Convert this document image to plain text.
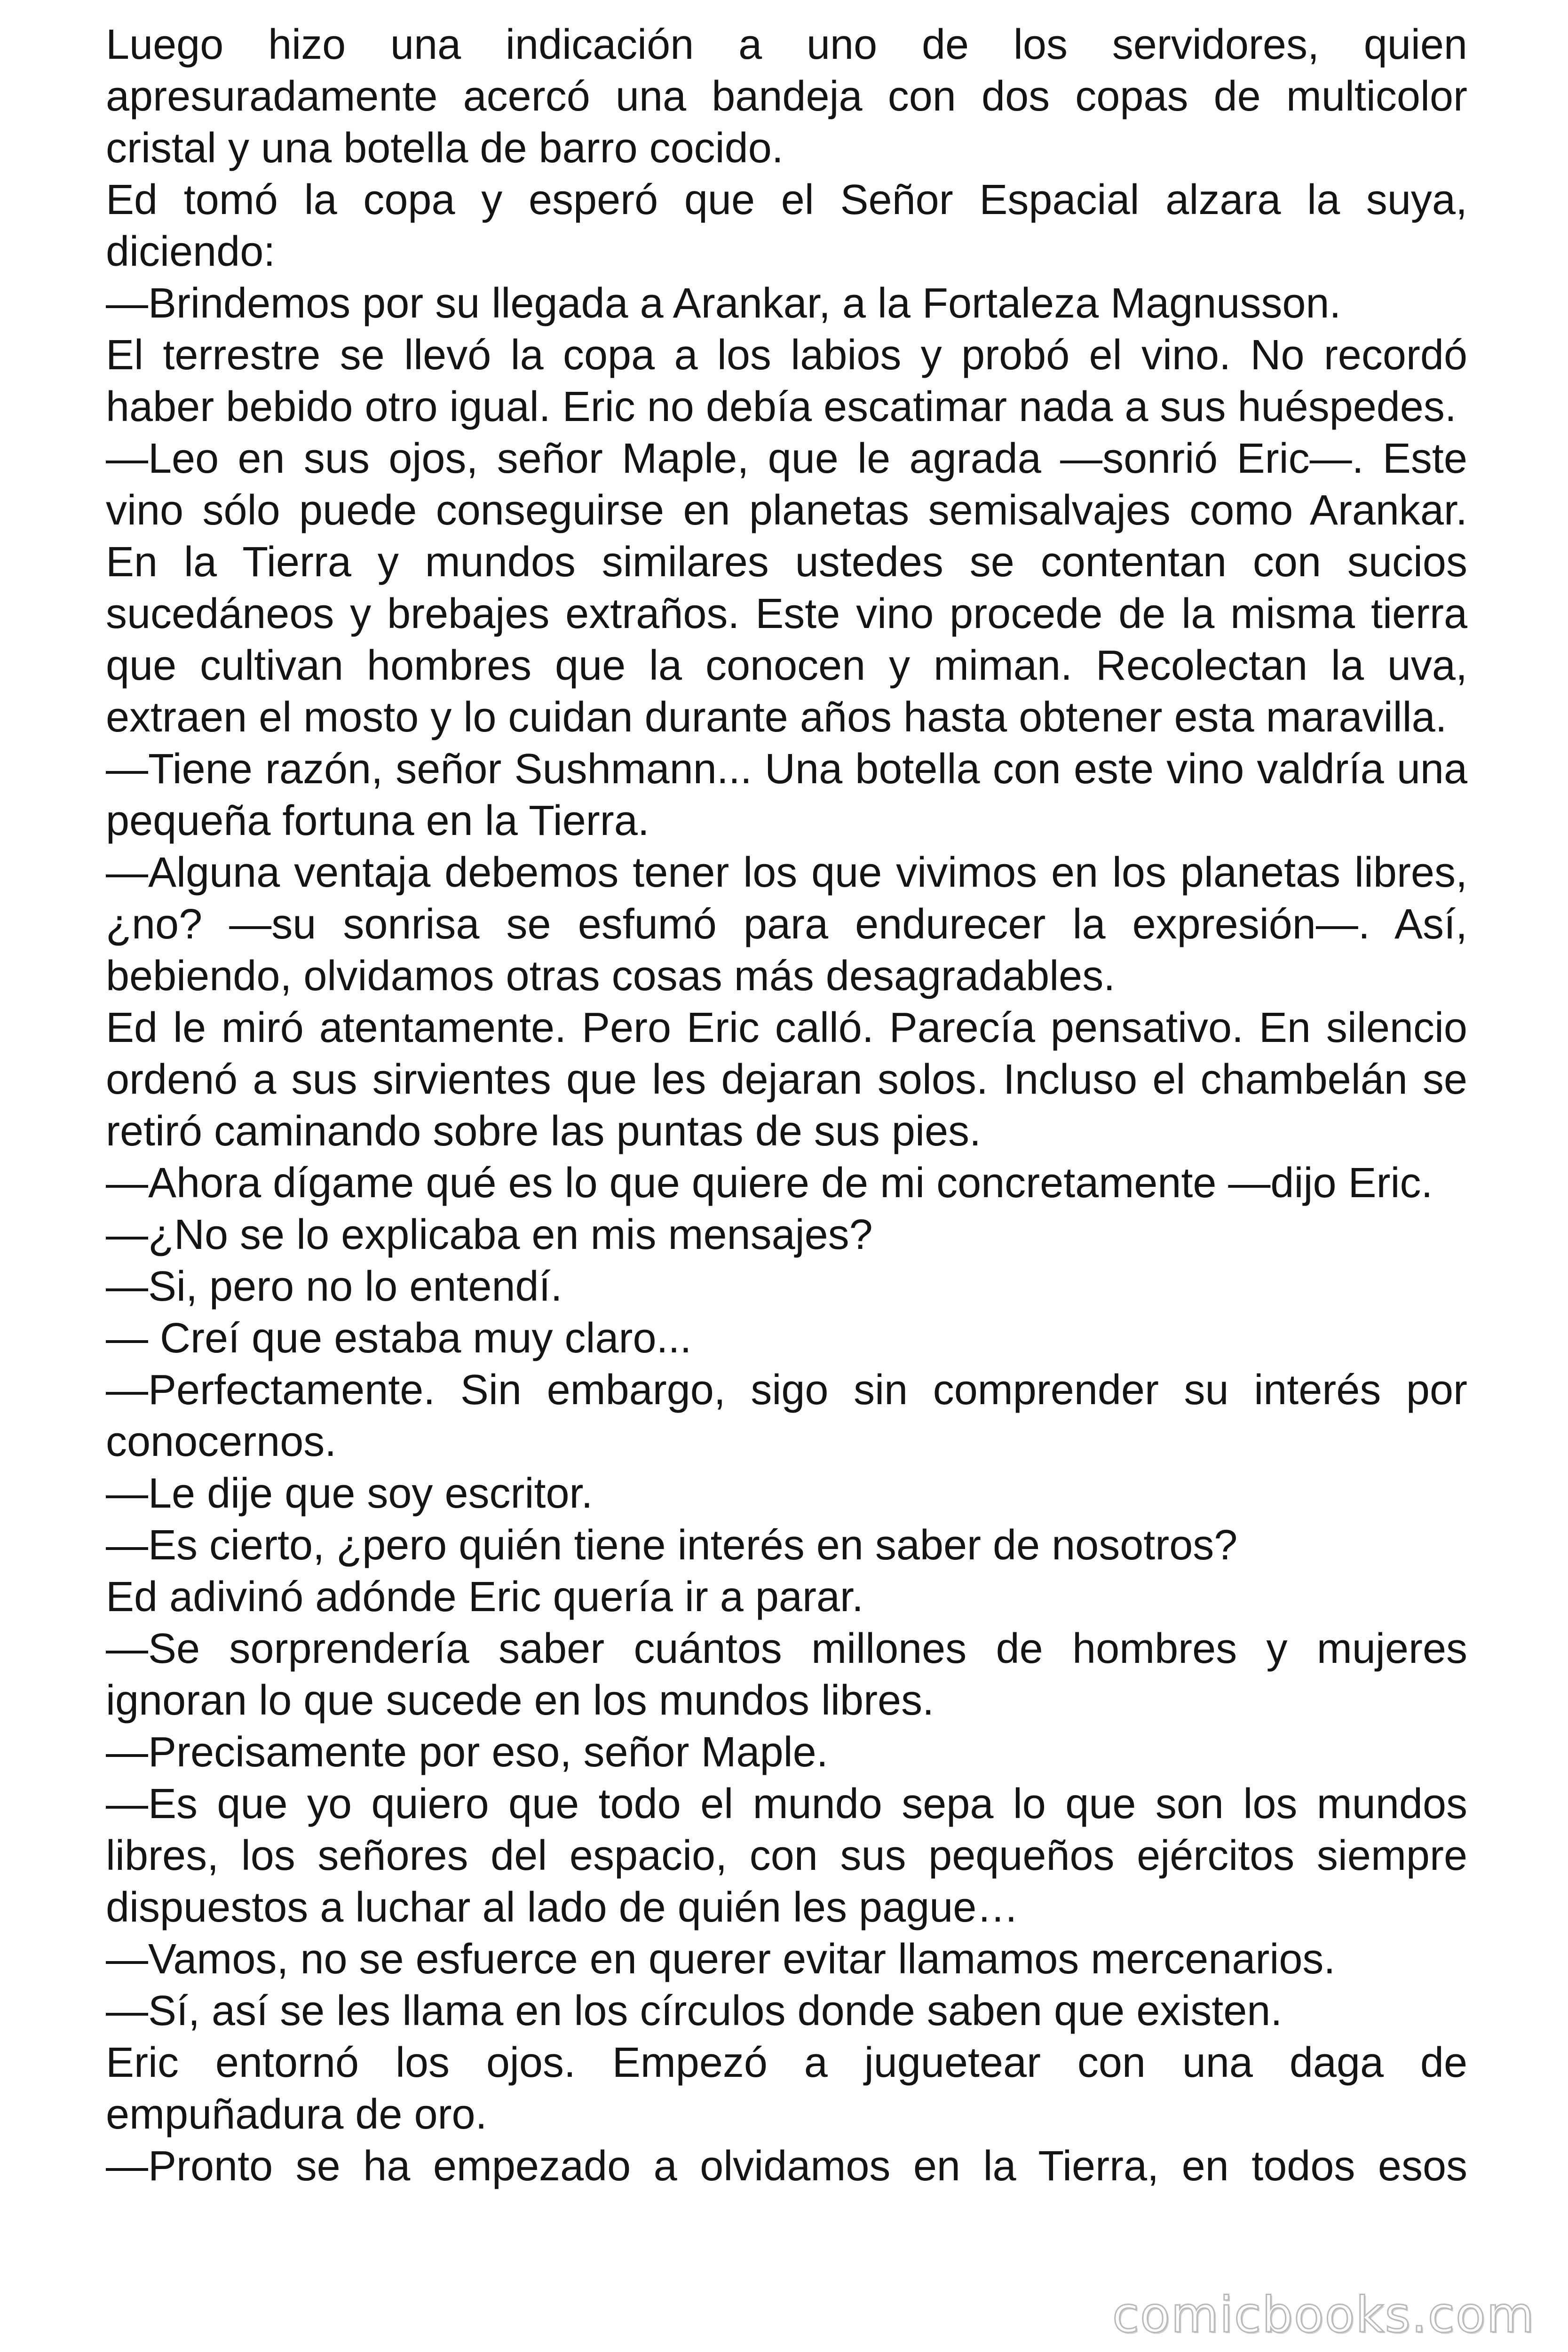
Luego hizo una indicación a uno de los servidores, quien apresuradamente acercó una bandeja con dos copas de multicolor cristal y una botella de barro cocido.

Ed tomó la copa y esperó que el Señor Espacial alzara la suya, diciendo:

—Brindemos por su llegada a Arankar, a la Fortaleza Magnusson.

El terrestre se llevó la copa a los labios y probó el vino. No recordó haber bebido otro igual. Eric no debía escatimar nada a sus huéspedes.

—Leo en sus ojos, señor Maple, que le agrada —sonrió Eric—. Este vino sólo puede conseguirse en planetas semisalvajes como Arankar. En la Tierra y mundos similares ustedes se contentan con sucios sucedáneos y brebajes extraños. Este vino procede de la misma tierra que cultivan hombres que la conocen y miman. Recolectan la uva, extraen el mosto y lo cuidan durante años hasta obtener esta maravilla.

—Tiene razón, señor Sushmann... Una botella con este vino valdría una pequeña fortuna en la Tierra.

—Alguna ventaja debemos tener los que vivimos en los planetas libres, ¿no? —su sonrisa se esfumó para endurecer la expresión—. Así, bebiendo, olvidamos otras cosas más desagradables.

Ed le miró atentamente. Pero Eric calló. Parecía pensativo. En silencio ordenó a sus sirvientes que les dejaran solos. Incluso el chambelán se retiró caminando sobre las puntas de sus pies.

—Ahora dígame qué es lo que quiere de mi concretamente —dijo Eric.

—¿No se lo explicaba en mis mensajes?

—Si, pero no lo entendí.

— Creí que estaba muy claro...

—Perfectamente. Sin embargo, sigo sin comprender su interés por conocernos.

—Le dije que soy escritor.

—Es cierto, ¿pero quién tiene interés en saber de nosotros?

Ed adivinó adónde Eric quería ir a parar.

—Se sorprendería saber cuántos millones de hombres y mujeres ignoran lo que sucede en los mundos libres.

—Precisamente por eso, señor Maple.

—Es que yo quiero que todo el mundo sepa lo que son los mundos libres, los señores del espacio, con sus pequeños ejércitos siempre dispuestos a luchar al lado de quién les pague…

—Vamos, no se esfuerce en querer evitar llamamos mercenarios.

—Sí, así se les llama en los círculos donde saben que existen.

Eric entornó los ojos. Empezó a juguetear con una daga de empuñadura de oro.

—Pronto se ha empezado a olvidamos en la Tierra, en todos esos

comicbooks.com
